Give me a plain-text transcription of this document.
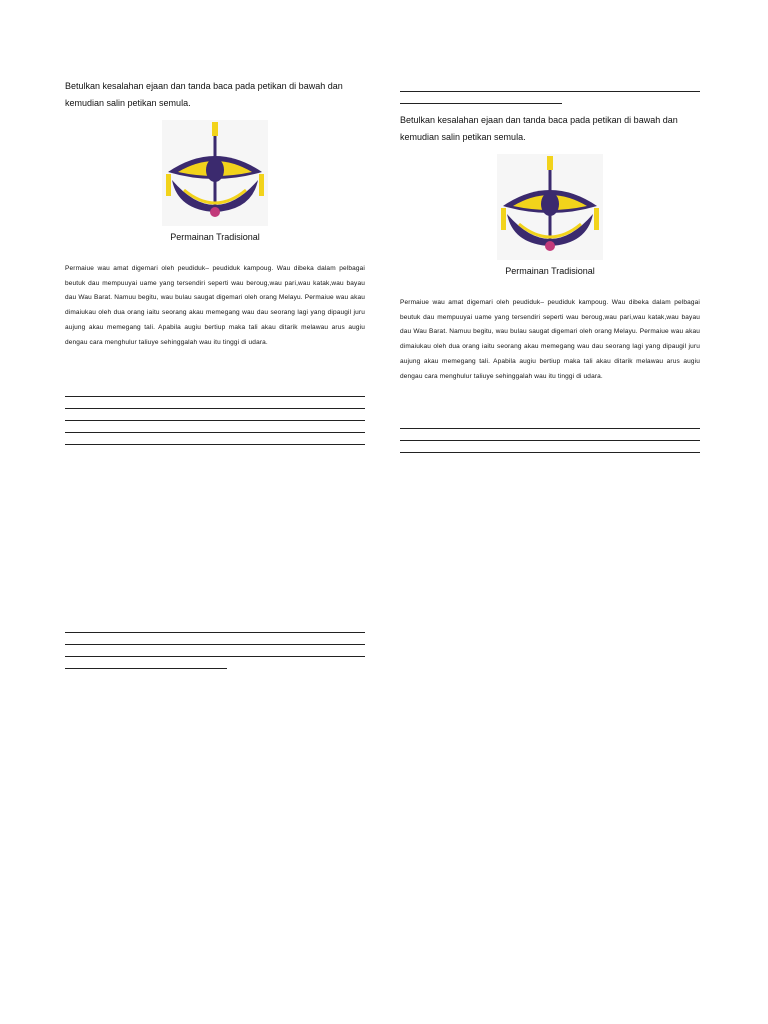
Betulkan kesalahan ejaan dan tanda baca pada petikan di bawah dan kemudian salin petikan semula.

Permainan Tradisional

Permaiue wau amat digemari oleh peudiduk– peudiduk kampoug. Wau dibeka dalam pelbagai beutuk dau mempuuyai uame yang tersendiri seperti wau beroug,wau pari,wau katak,wau bayau dau Wau Barat. Namuu begitu, wau bulau saugat digemari oleh orang Melayu. Permaiue wau akau dimaiukau oleh dua orang iaitu seorang akau memegang wau dau seorang lagi yang dipaugil juru aujung akau memegang tali. Apabila augiu bertiup maka tali akau ditarik melawau arus augiu dengau cara menghulur taliuye sehinggalah wau itu tinggi di udara.

Betulkan kesalahan ejaan dan tanda baca pada petikan di bawah dan kemudian salin petikan semula.

Permainan Tradisional

Permaiue wau amat digemari oleh peudiduk– peudiduk kampoug. Wau dibeka dalam pelbagai beutuk dau mempuuyai uame yang tersendiri seperti wau beroug,wau pari,wau katak,wau bayau dau Wau Barat. Namuu begitu, wau bulau saugat digemari oleh orang Melayu. Permaiue wau akau dimaiukau oleh dua orang iaitu seorang akau memegang wau dau seorang lagi yang dipaugil juru aujung akau memegang tali. Apabila augiu bertiup maka tali akau ditarik melawau arus augiu dengau cara menghulur taliuye sehinggalah wau itu tinggi di udara.
